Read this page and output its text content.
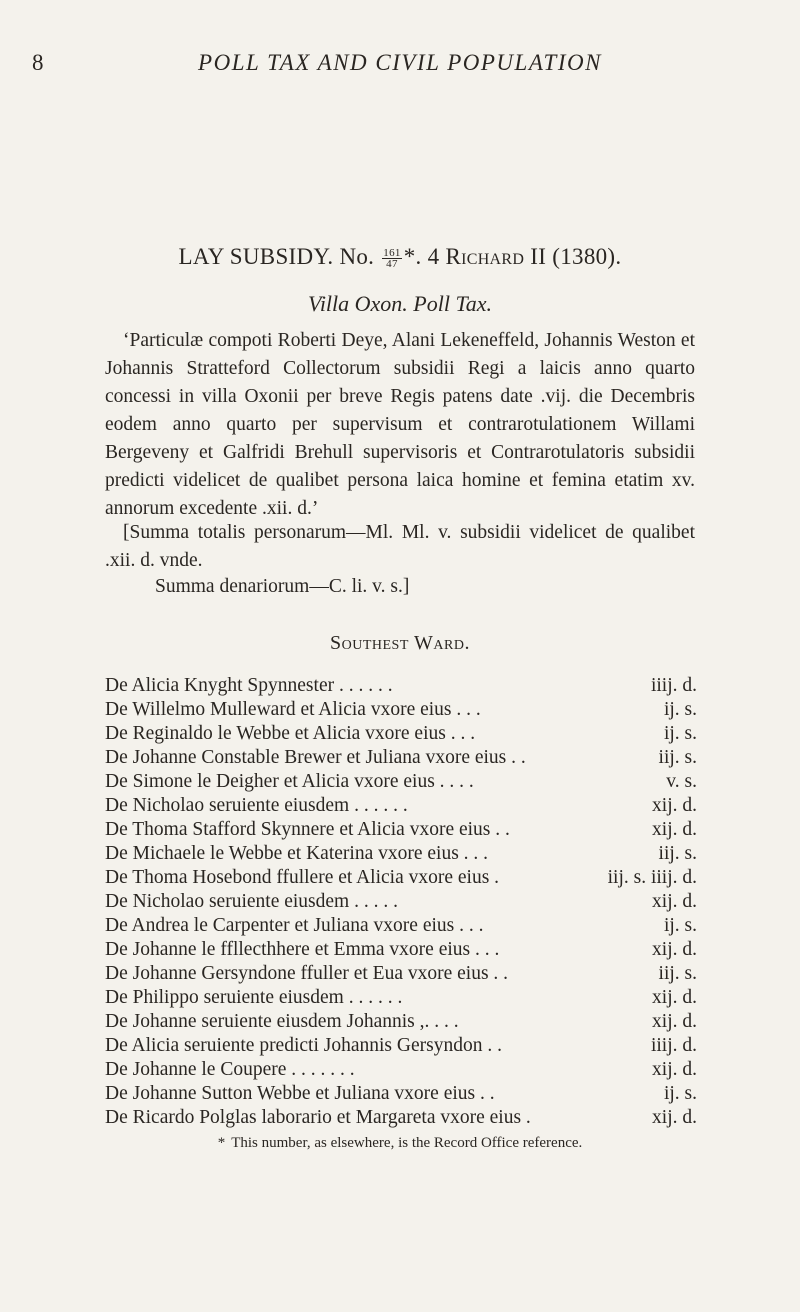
8	POLL TAX AND CIVIL POPULATION
LAY SUBSIDY. No. $\frac{161}{47}$ *. 4 Richard II (1380).
Villa Oxon. Poll Tax.

‘Particulæ compoti Roberti Deye, Alani Lekeneffeld, Johannis Weston et Johannis Stratteford Collectorum subsidii Regi a laicis anno quarto concessi in villa Oxonii per breve Regis patens date .vij. die Decembris eodem anno quarto per supervisum et contrarotulationem Willami Bergeveny et Galfridi Brehull supervisoris et Contrarotulatoris subsidii predicti videlicet de qualibet persona laica homine et femina etatim xv. annorum excedente .xii. d.’

[Summa totalis personarum—Ml. Ml. v. subsidii videlicet de qualibet .xii. d. vnde.

Summa denariorum—C. li. v. s.]

Southest Ward.
De Alicia Knyght Spynnester . . . . . .	iiij. d.
De Willelmo Mulleward et Alicia vxore eius . . .	ij. s.
De Reginaldo le Webbe et Alicia vxore eius . . .	ij. s.
De Johanne Constable Brewer et Juliana vxore eius . .	iij. s.
De Simone le Deigher et Alicia vxore eius . . . .	v. s.
De Nicholao seruiente eiusdem . . . . . .	xij. d.
De Thoma Stafford Skynnere et Alicia vxore eius . .	xij. d.
De Michaele le Webbe et Katerina vxore eius . . .	iij. s.
De Thoma Hosebond ffullere et Alicia vxore eius .	iij. s. iiij. d.
De Nicholao seruiente eiusdem . . . . .	xij. d.
De Andrea le Carpenter et Juliana vxore eius . . .	ij. s.
De Johanne le ffllecthhere et Emma vxore eius . . .	xij. d.
De Johanne Gersyndone ffuller et Eua vxore eius . .	iij. s.
De Philippo seruiente eiusdem . . . . . .	xij. d.
De Johanne seruiente eiusdem Johannis ,. . . .	xij. d.
De Alicia seruiente predicti Johannis Gersyndon . .	iiij. d.
De Johanne le Coupere . . . . . . .	xij. d.
De Johanne Sutton Webbe et Juliana vxore eius . .	ij. s.
De Ricardo Polglas laborario et Margareta vxore eius .	xij. d.
* This number, as elsewhere, is the Record Office reference.
